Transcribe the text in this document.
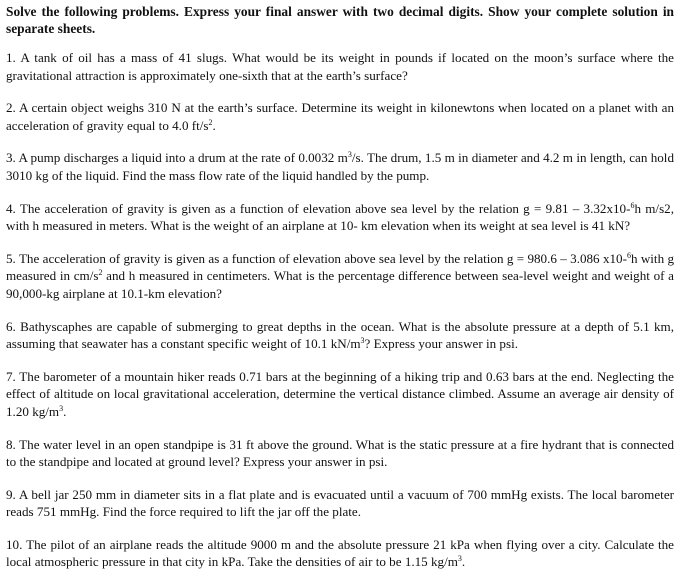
Solve the following problems. Express your final answer with two decimal digits. Show your complete solution in separate sheets.

1. A tank of oil has a mass of 41 slugs. What would be its weight in pounds if located on the moon’s surface where the gravitational attraction is approximately one-sixth that at the earth’s surface?

2. A certain object weighs 310 N at the earth’s surface. Determine its weight in kilonewtons when located on a planet with an acceleration of gravity equal to 4.0 $ft/s^2$.

3. A pump discharges a liquid into a drum at the rate of 0.0032 $m^3/s$. The drum, 1.5 m in diameter and 4.2 m in length, can hold 3010 kg of the liquid. Find the mass flow rate of the liquid handled by the pump.

4. The acceleration of gravity is given as a function of elevation above sea level by the relation g = 9.81 – 3.32x10-$^6$h m/s2, with h measured in meters. What is the weight of an airplane at 10- km elevation when its weight at sea level is 41 kN?

5. The acceleration of gravity is given as a function of elevation above sea level by the relation g = 980.6 – 3.086 x10-$^6$h with g measured in $cm/s^2$ and h measured in centimeters. What is the percentage difference between sea-level weight and weight of a 90,000-kg airplane at 10.1-km elevation?

6. Bathyscaphes are capable of submerging to great depths in the ocean. What is the absolute pressure at a depth of 5.1 km, assuming that seawater has a constant specific weight of 10.1 $kN/m^3$? Express your answer in psi.

7. The barometer of a mountain hiker reads 0.71 bars at the beginning of a hiking trip and 0.63 bars at the end. Neglecting the effect of altitude on local gravitational acceleration, determine the vertical distance climbed. Assume an average air density of 1.20 $kg/m^3$.

8. The water level in an open standpipe is 31 ft above the ground. What is the static pressure at a fire hydrant that is connected to the standpipe and located at ground level? Express your answer in psi.

9. A bell jar 250 mm in diameter sits in a flat plate and is evacuated until a vacuum of 700 mmHg exists. The local barometer reads 751 mmHg. Find the force required to lift the jar off the plate.

10. The pilot of an airplane reads the altitude 9000 m and the absolute pressure 21 kPa when flying over a city. Calculate the local atmospheric pressure in that city in kPa. Take the densities of air to be 1.15 $kg/m^3$.
